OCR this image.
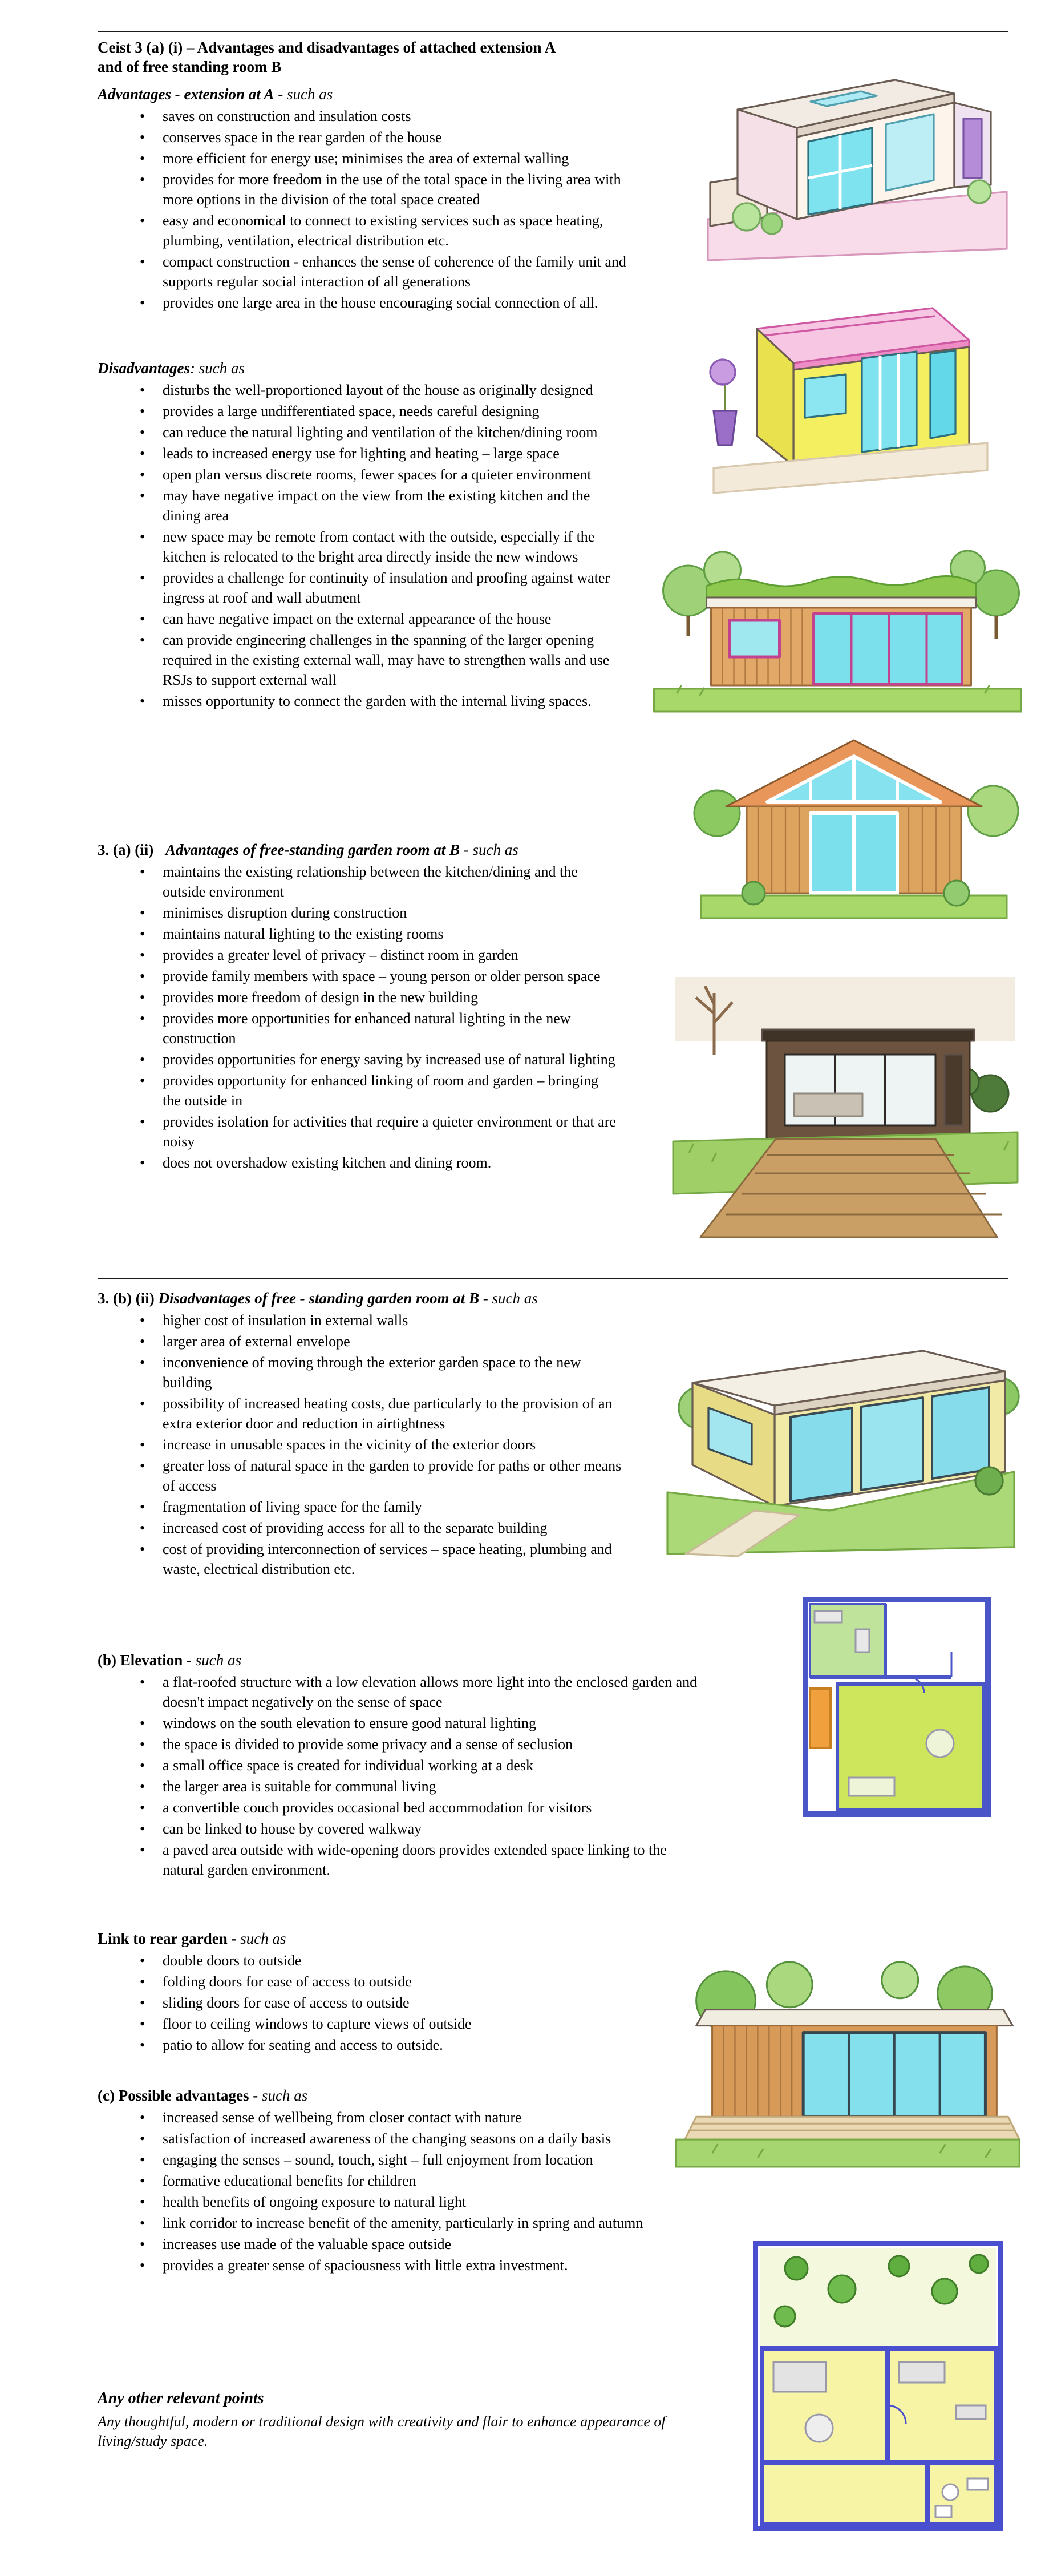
Ceist 3 (a) (i) – Advantages and disadvantages of attached extension A
and of free standing room B
Advantages - extension at A - such as
• saves on construction and insulation costs
• conserves space in the rear garden of the house
• more efficient for energy use; minimises the area of external walling
• provides for more freedom in the use of the total space in the living area with more options in the division of the total space created
• easy and economical to connect to existing services such as space heating, plumbing, ventilation, electrical distribution etc.
• compact construction - enhances the sense of coherence of the family unit and supports regular social interaction of all generations
• provides one large area in the house encouraging social connection of all.
Disadvantages: such as
• disturbs the well-proportioned layout of the house as originally designed
• provides a large undifferentiated space, needs careful designing
• can reduce the natural lighting and ventilation of the kitchen/dining room
• leads to increased energy use for lighting and heating – large space
• open plan versus discrete rooms, fewer spaces for a quieter environment
• may have negative impact on the view from the existing kitchen and the dining area
• new space may be remote from contact with the outside, especially if the kitchen is relocated to the bright area directly inside the new windows
• provides a challenge for continuity of insulation and proofing against water ingress at roof and wall abutment
• can have negative impact on the external appearance of the house
• can provide engineering challenges in the spanning of the larger opening required in the existing external wall, may have to strengthen walls and use RSJs to support external wall
• misses opportunity to connect the garden with the internal living spaces.
3. (a) (ii) Advantages of free-standing garden room at B - such as
• maintains the existing relationship between the kitchen/dining and the outside environment
• minimises disruption during construction
• maintains natural lighting to the existing rooms
• provides a greater level of privacy – distinct room in garden
• provide family members with space – young person or older person space
• provides more freedom of design in the new building
• provides more opportunities for enhanced natural lighting in the new construction
• provides opportunities for energy saving by increased use of natural lighting
• provides opportunity for enhanced linking of room and garden – bringing the outside in
• provides isolation for activities that require a quieter environment or that are noisy
• does not overshadow existing kitchen and dining room.
3. (b) (ii) Disadvantages of free - standing garden room at B - such as
• higher cost of insulation in external walls
• larger area of external envelope
• inconvenience of moving through the exterior garden space to the new building
• possibility of increased heating costs, due particularly to the provision of an extra exterior door and reduction in airtightness
• increase in unusable spaces in the vicinity of the exterior doors
• greater loss of natural space in the garden to provide for paths or other means of access
• fragmentation of living space for the family
• increased cost of providing access for all to the separate building
• cost of providing interconnection of services – space heating, plumbing and waste, electrical distribution etc.
(b) Elevation - such as
• a flat-roofed structure with a low elevation allows more light into the enclosed garden and doesn't impact negatively on the sense of space
• windows on the south elevation to ensure good natural lighting
• the space is divided to provide some privacy and a sense of seclusion
• a small office space is created for individual working at a desk
• the larger area is suitable for communal living
• a convertible couch provides occasional bed accommodation for visitors
• can be linked to house by covered walkway
• a paved area outside with wide-opening doors provides extended space linking to the natural garden environment.
Link to rear garden - such as
• double doors to outside
• folding doors for ease of access to outside
• sliding doors for ease of access to outside
• floor to ceiling windows to capture views of outside
• patio to allow for seating and access to outside.
(c) Possible advantages - such as
• increased sense of wellbeing from closer contact with nature
• satisfaction of increased awareness of the changing seasons on a daily basis
• engaging the senses – sound, touch, sight – full enjoyment from location
• formative educational benefits for children
• health benefits of ongoing exposure to natural light
• link corridor to increase benefit of the amenity, particularly in spring and autumn
• increases use made of the valuable space outside
• provides a greater sense of spaciousness with little extra investment.
Any other relevant points
Any thoughtful, modern or traditional design with creativity and flair to enhance appearance of living/study space.
